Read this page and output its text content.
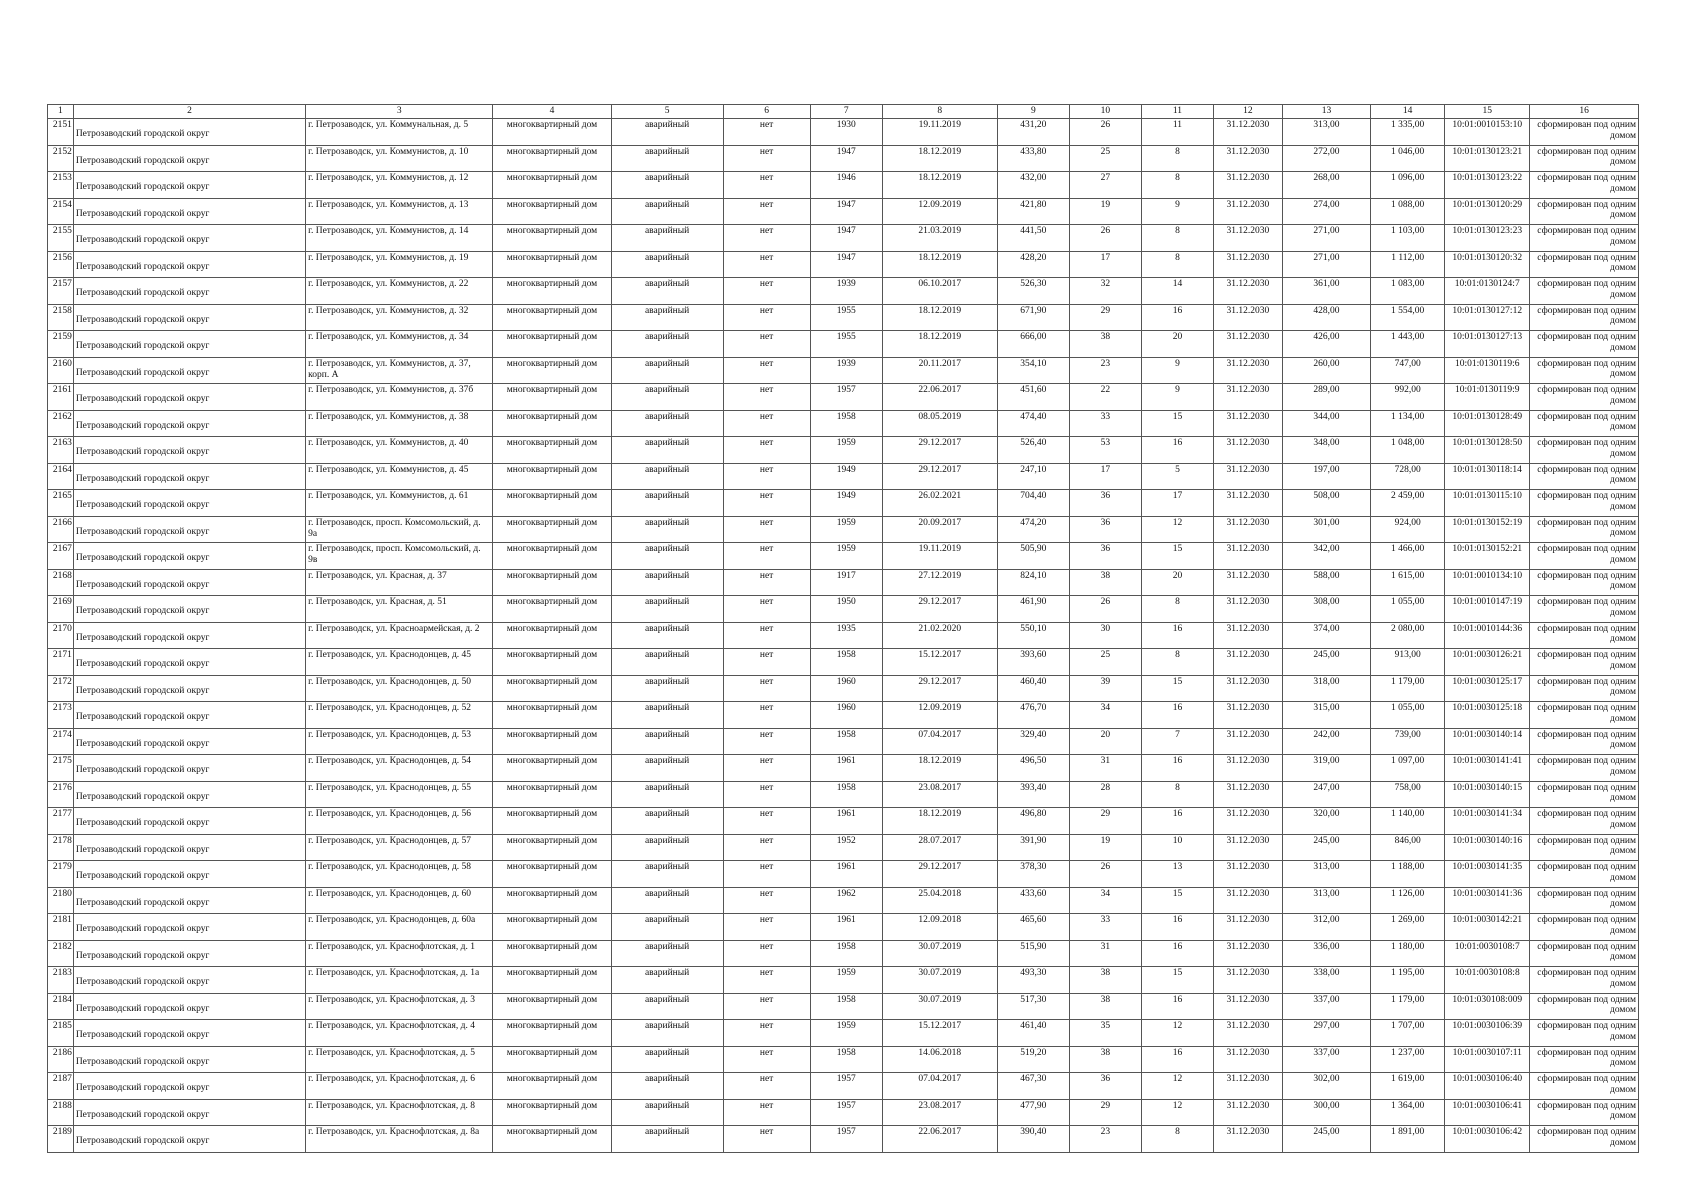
1	2	3	4	5	6	7	8	9	10	11	12	13	14	15	16
2151	Петрозаводский городской округ	г. Петрозаводск, ул. Коммунальная, д. 5	многоквартирный дом	аварийный	нет	1930	19.11.2019	431,20	26	11	31.12.2030	313,00	1 335,00	10:01:0010153:10	сформирован под одним домом
2152	Петрозаводский городской округ	г. Петрозаводск, ул. Коммунистов, д. 10	многоквартирный дом	аварийный	нет	1947	18.12.2019	433,80	25	8	31.12.2030	272,00	1 046,00	10:01:0130123:21	сформирован под одним домом
2153	Петрозаводский городской округ	г. Петрозаводск, ул. Коммунистов, д. 12	многоквартирный дом	аварийный	нет	1946	18.12.2019	432,00	27	8	31.12.2030	268,00	1 096,00	10:01:0130123:22	сформирован под одним домом
2154	Петрозаводский городской округ	г. Петрозаводск, ул. Коммунистов, д. 13	многоквартирный дом	аварийный	нет	1947	12.09.2019	421,80	19	9	31.12.2030	274,00	1 088,00	10:01:0130120:29	сформирован под одним домом
2155	Петрозаводский городской округ	г. Петрозаводск, ул. Коммунистов, д. 14	многоквартирный дом	аварийный	нет	1947	21.03.2019	441,50	26	8	31.12.2030	271,00	1 103,00	10:01:0130123:23	сформирован под одним домом
2156	Петрозаводский городской округ	г. Петрозаводск, ул. Коммунистов, д. 19	многоквартирный дом	аварийный	нет	1947	18.12.2019	428,20	17	8	31.12.2030	271,00	1 112,00	10:01:0130120:32	сформирован под одним домом
2157	Петрозаводский городской округ	г. Петрозаводск, ул. Коммунистов, д. 22	многоквартирный дом	аварийный	нет	1939	06.10.2017	526,30	32	14	31.12.2030	361,00	1 083,00	10:01:0130124:7	сформирован под одним домом
2158	Петрозаводский городской округ	г. Петрозаводск, ул. Коммунистов, д. 32	многоквартирный дом	аварийный	нет	1955	18.12.2019	671,90	29	16	31.12.2030	428,00	1 554,00	10:01:0130127:12	сформирован под одним домом
2159	Петрозаводский городской округ	г. Петрозаводск, ул. Коммунистов, д. 34	многоквартирный дом	аварийный	нет	1955	18.12.2019	666,00	38	20	31.12.2030	426,00	1 443,00	10:01:0130127:13	сформирован под одним домом
2160	Петрозаводский городской округ	г. Петрозаводск, ул. Коммунистов, д. 37, корп. А	многоквартирный дом	аварийный	нет	1939	20.11.2017	354,10	23	9	31.12.2030	260,00	747,00	10:01:0130119:6	сформирован под одним домом
2161	Петрозаводский городской округ	г. Петрозаводск, ул. Коммунистов, д. 37б	многоквартирный дом	аварийный	нет	1957	22.06.2017	451,60	22	9	31.12.2030	289,00	992,00	10:01:0130119:9	сформирован под одним домом
2162	Петрозаводский городской округ	г. Петрозаводск, ул. Коммунистов, д. 38	многоквартирный дом	аварийный	нет	1958	08.05.2019	474,40	33	15	31.12.2030	344,00	1 134,00	10:01:0130128:49	сформирован под одним домом
2163	Петрозаводский городской округ	г. Петрозаводск, ул. Коммунистов, д. 40	многоквартирный дом	аварийный	нет	1959	29.12.2017	526,40	53	16	31.12.2030	348,00	1 048,00	10:01:0130128:50	сформирован под одним домом
2164	Петрозаводский городской округ	г. Петрозаводск, ул. Коммунистов, д. 45	многоквартирный дом	аварийный	нет	1949	29.12.2017	247,10	17	5	31.12.2030	197,00	728,00	10:01:0130118:14	сформирован под одним домом
2165	Петрозаводский городской округ	г. Петрозаводск, ул. Коммунистов, д. 61	многоквартирный дом	аварийный	нет	1949	26.02.2021	704,40	36	17	31.12.2030	508,00	2 459,00	10:01:0130115:10	сформирован под одним домом
2166	Петрозаводский городской округ	г. Петрозаводск, просп. Комсомольский, д. 9а	многоквартирный дом	аварийный	нет	1959	20.09.2017	474,20	36	12	31.12.2030	301,00	924,00	10:01:0130152:19	сформирован под одним домом
2167	Петрозаводский городской округ	г. Петрозаводск, просп. Комсомольский, д. 9в	многоквартирный дом	аварийный	нет	1959	19.11.2019	505,90	36	15	31.12.2030	342,00	1 466,00	10:01:0130152:21	сформирован под одним домом
2168	Петрозаводский городской округ	г. Петрозаводск, ул. Красная, д. 37	многоквартирный дом	аварийный	нет	1917	27.12.2019	824,10	38	20	31.12.2030	588,00	1 615,00	10:01:0010134:10	сформирован под одним домом
2169	Петрозаводский городской округ	г. Петрозаводск, ул. Красная, д. 51	многоквартирный дом	аварийный	нет	1950	29.12.2017	461,90	26	8	31.12.2030	308,00	1 055,00	10:01:0010147:19	сформирован под одним домом
2170	Петрозаводский городской округ	г. Петрозаводск, ул. Красноармейская, д. 2	многоквартирный дом	аварийный	нет	1935	21.02.2020	550,10	30	16	31.12.2030	374,00	2 080,00	10:01:0010144:36	сформирован под одним домом
2171	Петрозаводский городской округ	г. Петрозаводск, ул. Краснодонцев, д. 45	многоквартирный дом	аварийный	нет	1958	15.12.2017	393,60	25	8	31.12.2030	245,00	913,00	10:01:0030126:21	сформирован под одним домом
2172	Петрозаводский городской округ	г. Петрозаводск, ул. Краснодонцев, д. 50	многоквартирный дом	аварийный	нет	1960	29.12.2017	460,40	39	15	31.12.2030	318,00	1 179,00	10:01:0030125:17	сформирован под одним домом
2173	Петрозаводский городской округ	г. Петрозаводск, ул. Краснодонцев, д. 52	многоквартирный дом	аварийный	нет	1960	12.09.2019	476,70	34	16	31.12.2030	315,00	1 055,00	10:01:0030125:18	сформирован под одним домом
2174	Петрозаводский городской округ	г. Петрозаводск, ул. Краснодонцев, д. 53	многоквартирный дом	аварийный	нет	1958	07.04.2017	329,40	20	7	31.12.2030	242,00	739,00	10:01:0030140:14	сформирован под одним домом
2175	Петрозаводский городской округ	г. Петрозаводск, ул. Краснодонцев, д. 54	многоквартирный дом	аварийный	нет	1961	18.12.2019	496,50	31	16	31.12.2030	319,00	1 097,00	10:01:0030141:41	сформирован под одним домом
2176	Петрозаводский городской округ	г. Петрозаводск, ул. Краснодонцев, д. 55	многоквартирный дом	аварийный	нет	1958	23.08.2017	393,40	28	8	31.12.2030	247,00	758,00	10:01:0030140:15	сформирован под одним домом
2177	Петрозаводский городской округ	г. Петрозаводск, ул. Краснодонцев, д. 56	многоквартирный дом	аварийный	нет	1961	18.12.2019	496,80	29	16	31.12.2030	320,00	1 140,00	10:01:0030141:34	сформирован под одним домом
2178	Петрозаводский городской округ	г. Петрозаводск, ул. Краснодонцев, д. 57	многоквартирный дом	аварийный	нет	1952	28.07.2017	391,90	19	10	31.12.2030	245,00	846,00	10:01:0030140:16	сформирован под одним домом
2179	Петрозаводский городской округ	г. Петрозаводск, ул. Краснодонцев, д. 58	многоквартирный дом	аварийный	нет	1961	29.12.2017	378,30	26	13	31.12.2030	313,00	1 188,00	10:01:0030141:35	сформирован под одним домом
2180	Петрозаводский городской округ	г. Петрозаводск, ул. Краснодонцев, д. 60	многоквартирный дом	аварийный	нет	1962	25.04.2018	433,60	34	15	31.12.2030	313,00	1 126,00	10:01:0030141:36	сформирован под одним домом
2181	Петрозаводский городской округ	г. Петрозаводск, ул. Краснодонцев, д. 60а	многоквартирный дом	аварийный	нет	1961	12.09.2018	465,60	33	16	31.12.2030	312,00	1 269,00	10:01:0030142:21	сформирован под одним домом
2182	Петрозаводский городской округ	г. Петрозаводск, ул. Краснофлотская, д. 1	многоквартирный дом	аварийный	нет	1958	30.07.2019	515,90	31	16	31.12.2030	336,00	1 180,00	10:01:0030108:7	сформирован под одним домом
2183	Петрозаводский городской округ	г. Петрозаводск, ул. Краснофлотская, д. 1а	многоквартирный дом	аварийный	нет	1959	30.07.2019	493,30	38	15	31.12.2030	338,00	1 195,00	10:01:0030108:8	сформирован под одним домом
2184	Петрозаводский городской округ	г. Петрозаводск, ул. Краснофлотская, д. 3	многоквартирный дом	аварийный	нет	1958	30.07.2019	517,30	38	16	31.12.2030	337,00	1 179,00	10:01:030108:009	сформирован под одним домом
2185	Петрозаводский городской округ	г. Петрозаводск, ул. Краснофлотская, д. 4	многоквартирный дом	аварийный	нет	1959	15.12.2017	461,40	35	12	31.12.2030	297,00	1 707,00	10:01:0030106:39	сформирован под одним домом
2186	Петрозаводский городской округ	г. Петрозаводск, ул. Краснофлотская, д. 5	многоквартирный дом	аварийный	нет	1958	14.06.2018	519,20	38	16	31.12.2030	337,00	1 237,00	10:01:0030107:11	сформирован под одним домом
2187	Петрозаводский городской округ	г. Петрозаводск, ул. Краснофлотская, д. 6	многоквартирный дом	аварийный	нет	1957	07.04.2017	467,30	36	12	31.12.2030	302,00	1 619,00	10:01:0030106:40	сформирован под одним домом
2188	Петрозаводский городской округ	г. Петрозаводск, ул. Краснофлотская, д. 8	многоквартирный дом	аварийный	нет	1957	23.08.2017	477,90	29	12	31.12.2030	300,00	1 364,00	10:01:0030106:41	сформирован под одним домом
2189	Петрозаводский городской округ	г. Петрозаводск, ул. Краснофлотская, д. 8а	многоквартирный дом	аварийный	нет	1957	22.06.2017	390,40	23	8	31.12.2030	245,00	1 891,00	10:01:0030106:42	сформирован под одним домом
